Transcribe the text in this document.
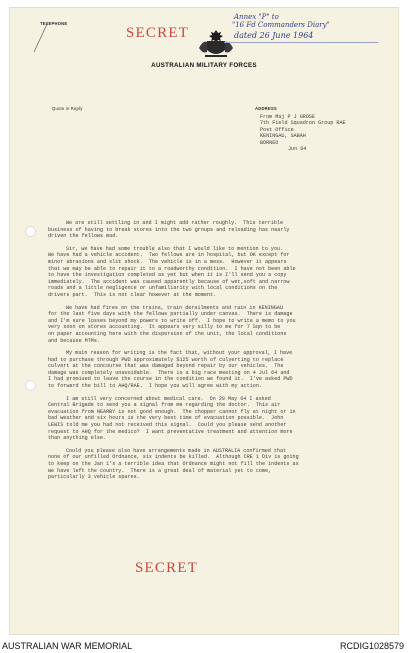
TELEPHONE
SECRET
AUSTRALIAN MILITARY FORCES
Annex "P" to
"16 Fd Commanders Diary"
dated 26 June 1964
Quote in Reply	ADDRESS
From Maj P J GROSE
7th Field Squadron Group RAE
Post Office
KENINGAU, SABAH
BORNEO
Jun 64
We are still settling in and I might add rather roughly.  This terrible
business of having to break stores into the two groups and reloading has nearly
driven the fellows mad.
Sir, we have had some trouble also that I would like to mention to you.
We have had a vehicle accident.  Two fellows are in hospital, but OK except for
minor abrasions and slit shock.  The vehicle is in a mess.  However it appears
that we may be able to repair it to a roadworthy condition.  I have not been able
to have the investigation completed as yet but when it is I'll send you a copy
immediately.  The accident was caused apparently because of wet,soft and narrow
roads and a little negligence or unfamiliarity with local conditions on the
drivers part.  This is not clear however at the moment.
We have had fires on the trains, train derailments and rain in KENINGAU
for the last five days with the fellows partially under canvas.  There is damage
and I'm sure losses beyond my powers to write off.  I hope to write a memo to you
very soon on stores accounting.  It appears very silly to me for 7 Sqn to be
on paper accounting here with the dispersion of the unit, the local conditions
and because MTMs.
My main reason for writing is the fact that, without your approval, I have
had to purchase through PWD approximately $125 worth of culverting to replace
culvert at the concourse that was damaged beyond repair by our vehicles.  The
damage was completely unavoidable.  There is a big race meeting on 4 Jul 64 and
I had promised to leave the course in the condition we found it.  I've asked PWD
to forward the bill to AHQ/RAE.  I hope you will agree with my action.
I am still very concerned about medical care.  On 29 May 64 I asked
Central Brigade to send you a signal from me regarding the doctor.  This air
evacuation from NEARBY is not good enough.  The chopper cannot fly at night or in
bad weather and six hours is the very best time of evacuation possible.  John
LEWIS told me you had not received this signal.  Could you please send another
request to AHQ for the medico?  I want preventative treatment and attention more
than anything else.
Could you please also have arrangements made in AUSTRALIA confirmed that
none of our unfilled Ordnance, six indents be killed.  Although CRE 1 Div is going
to keep on the Jan 1's a terrible idea that Ordnance might not fill the indents as
we have left the country.  There is a great deal of material yet to come,
particularly 3 vehicle spares.
SECRET
AUSTRALIAN WAR MEMORIAL	RCDIG1028579
